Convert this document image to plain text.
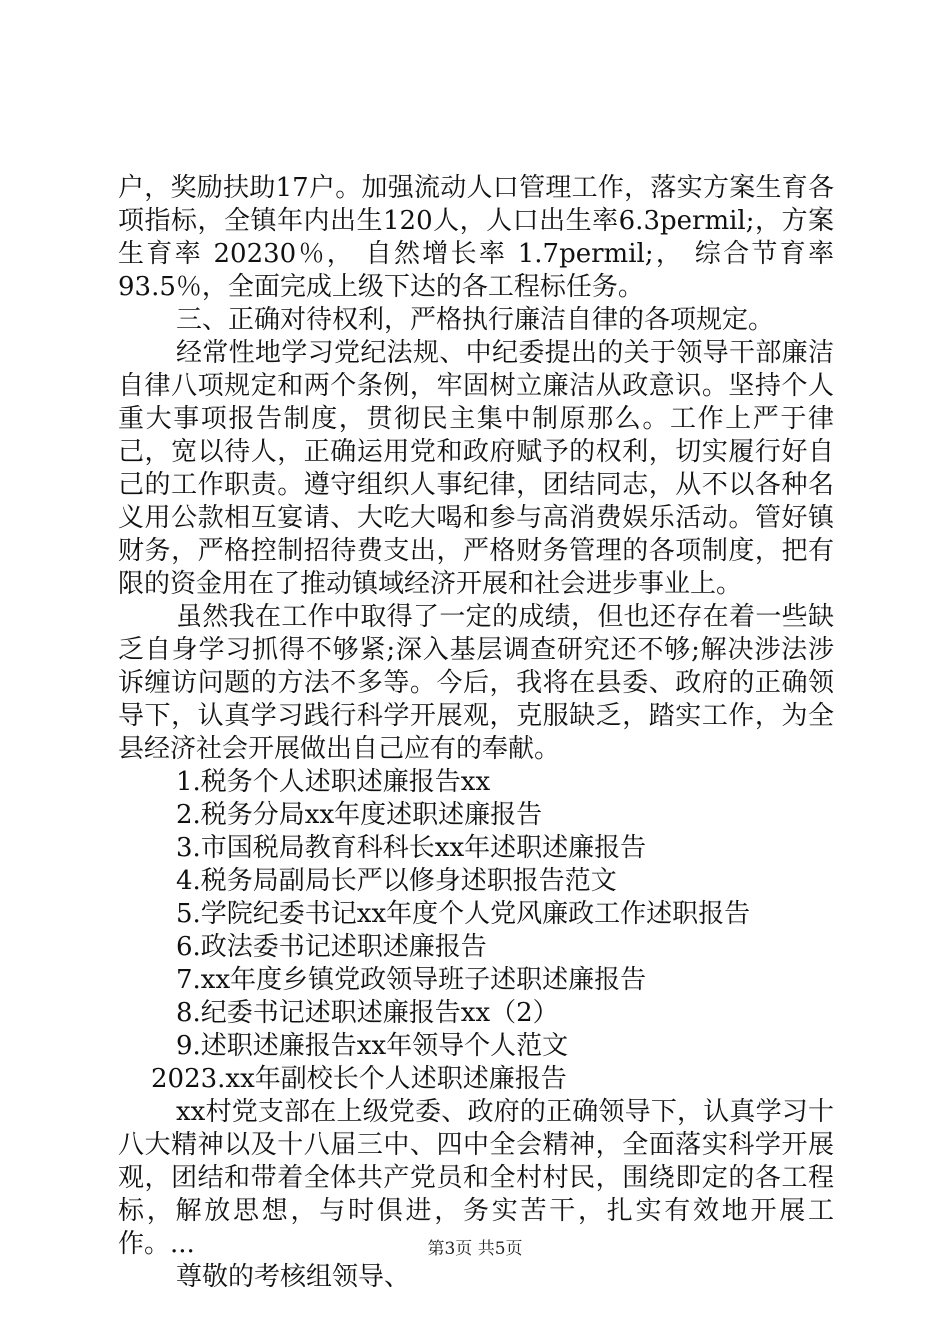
户，奖励扶助17户。加强流动人口管理工作，落实方案生育各项指标，全镇年内出生120人，人口出生率6.3permil;，方案生育率 20230％， 自然增长率 1.7permil;， 综合节育率93.5％，全面完成上级下达的各工程标任务。

三、正确对待权利，严格执行廉洁自律的各项规定。

经常性地学习党纪法规、中纪委提出的关于领导干部廉洁自律八项规定和两个条例，牢固树立廉洁从政意识。坚持个人重大事项报告制度，贯彻民主集中制原那么。工作上严于律己，宽以待人，正确运用党和政府赋予的权利，切实履行好自己的工作职责。遵守组织人事纪律，团结同志，从不以各种名义用公款相互宴请、大吃大喝和参与高消费娱乐活动。管好镇财务，严格控制招待费支出，严格财务管理的各项制度，把有限的资金用在了推动镇域经济开展和社会进步事业上。

虽然我在工作中取得了一定的成绩，但也还存在着一些缺乏自身学习抓得不够紧;深入基层调查研究还不够;解决涉法涉诉缠访问题的方法不多等。今后，我将在县委、政府的正确领导下，认真学习践行科学开展观，克服缺乏，踏实工作，为全县经济社会开展做出自己应有的奉献。

1.税务个人述职述廉报告xx

2.税务分局xx年度述职述廉报告

3.市国税局教育科科长xx年述职述廉报告

4.税务局副局长严以修身述职报告范文

5.学院纪委书记xx年度个人党风廉政工作述职报告

6.政法委书记述职述廉报告

7.xx年度乡镇党政领导班子述职述廉报告

8.纪委书记述职述廉报告xx（2）

9.述职述廉报告xx年领导个人范文

2023.xx年副校长个人述职述廉报告

xx村党支部在上级党委、政府的正确领导下，认真学习十八大精神以及十八届三中、四中全会精神，全面落实科学开展观，团结和带着全体共产党员和全村村民，围绕即定的各工程标，解放思想，与时俱进，务实苦干，扎实有效地开展工作。...

尊敬的考核组领导、

第3页 共5页
